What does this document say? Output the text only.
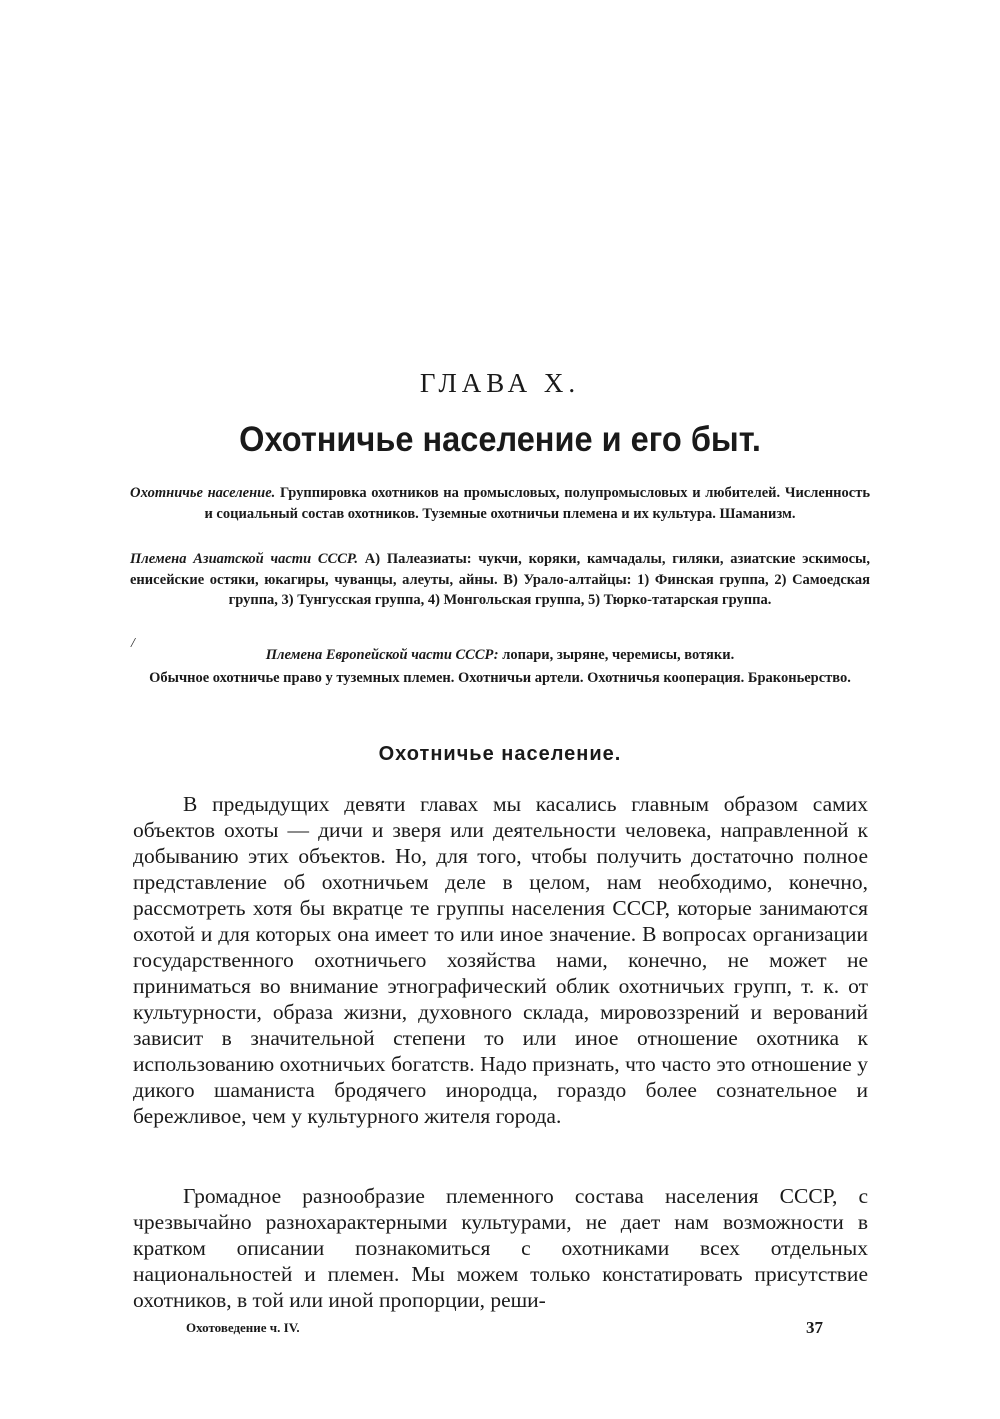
ГЛАВА X.
Охотничье население и его быт.
Охотничье население. Группировка охотников на промысловых, полупромысловых и любителей. Численность и социальный состав охотников. Туземные охотничьи племена и их культура. Шаманизм.
Племена Азиатской части СССР. А) Палеазиаты: чукчи, коряки, камчадалы, гиляки, азиатские эскимосы, енисейские остяки, юкагиры, чуванцы, алеуты, айны. В) Урало-алтайцы: 1) Финская группа, 2) Самоедская группа, 3) Тунгусская группа, 4) Монгольская группа, 5) Тюрко-татарская группа.
/
Племена Европейской части СССР: лопари, зыряне, черемисы, вотяки.
Обычное охотничье право у туземных племен. Охотничьи артели. Охотничья кооперация. Браконьерство.
Охотничье население.

В предыдущих девяти главах мы касались главным образом самих объектов охоты — дичи и зверя или деятельности человека, направленной к добыванию этих объектов. Но, для того, чтобы получить достаточно полное представление об охотничьем деле в целом, нам необходимо, конечно, рассмотреть хотя бы вкратце те группы населения СССР, которые занимаются охотой и для которых она имеет то или иное значение. В вопросах организации государственного охотничьего хозяйства нами, конечно, не может не приниматься во внимание этнографический облик охотничьих групп, т. к. от культурности, образа жизни, духовного склада, мировоззрений и верований зависит в значительной степени то или иное отношение охотника к использованию охотничьих богатств. Надо признать, что часто это отношение у дикого шаманиста бродячего инородца, гораздо более сознательное и бережливое, чем у культурного жителя города.

Громадное разнообразие племенного состава населения СССР, с чрезвычайно разнохарактерными культурами, не дает нам возможности в кратком описании познакомиться с охотниками всех отдельных национальностей и племен. Мы можем только констатировать присутствие охотников, в той или иной пропорции, реши-

Охотоведение ч. IV.	37
